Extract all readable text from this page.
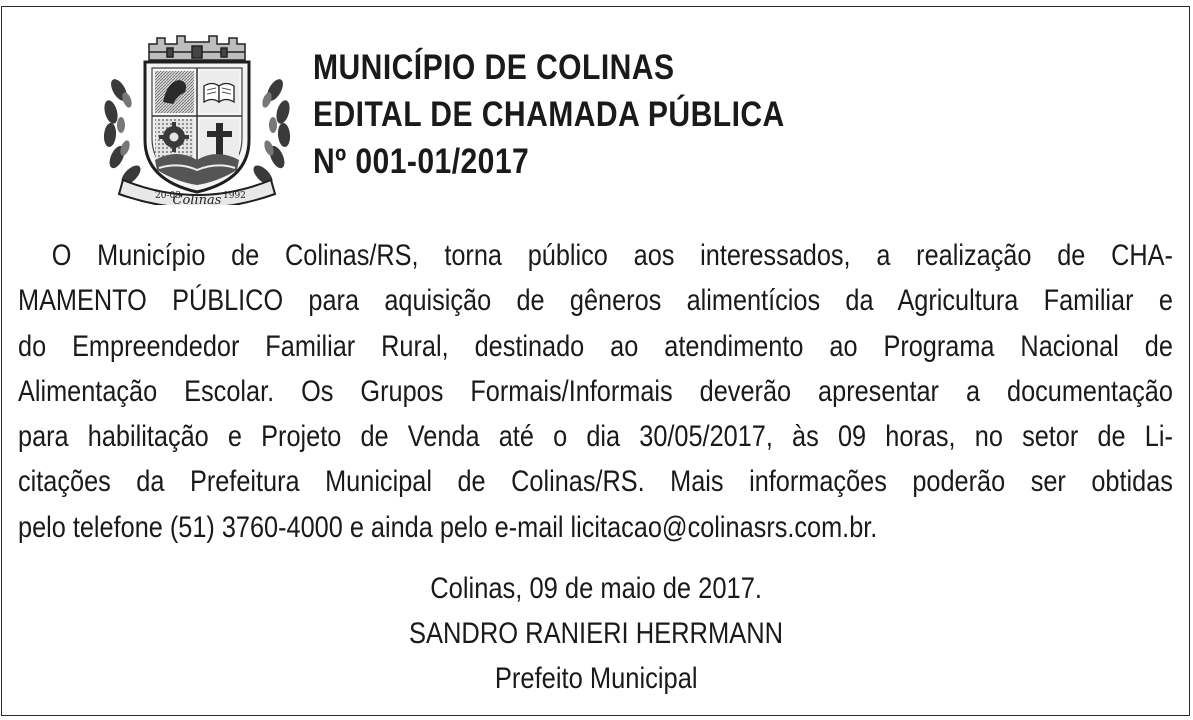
20-03
Colinas 1992
MUNICÍPIO DE COLINAS
EDITAL DE CHAMADA PÚBLICA
Nº 001-01/2017
O Município de Colinas/RS, torna público aos interessados, a realização de CHA-
MAMENTO PÚBLICO para aquisição de gêneros alimentícios da Agricultura Familiar e
do Empreendedor Familiar Rural, destinado ao atendimento ao Programa Nacional de
Alimentação Escolar. Os Grupos Formais/Informais deverão apresentar a documentação
para habilitação e Projeto de Venda até o dia 30/05/2017, às 09 horas, no setor de Li-
citações da Prefeitura Municipal de Colinas/RS. Mais informações poderão ser obtidas
pelo telefone (51) 3760-4000 e ainda pelo e-mail licitacao@colinasrs.com.br.
Colinas, 09 de maio de 2017.
SANDRO RANIERI HERRMANN
Prefeito Municipal
